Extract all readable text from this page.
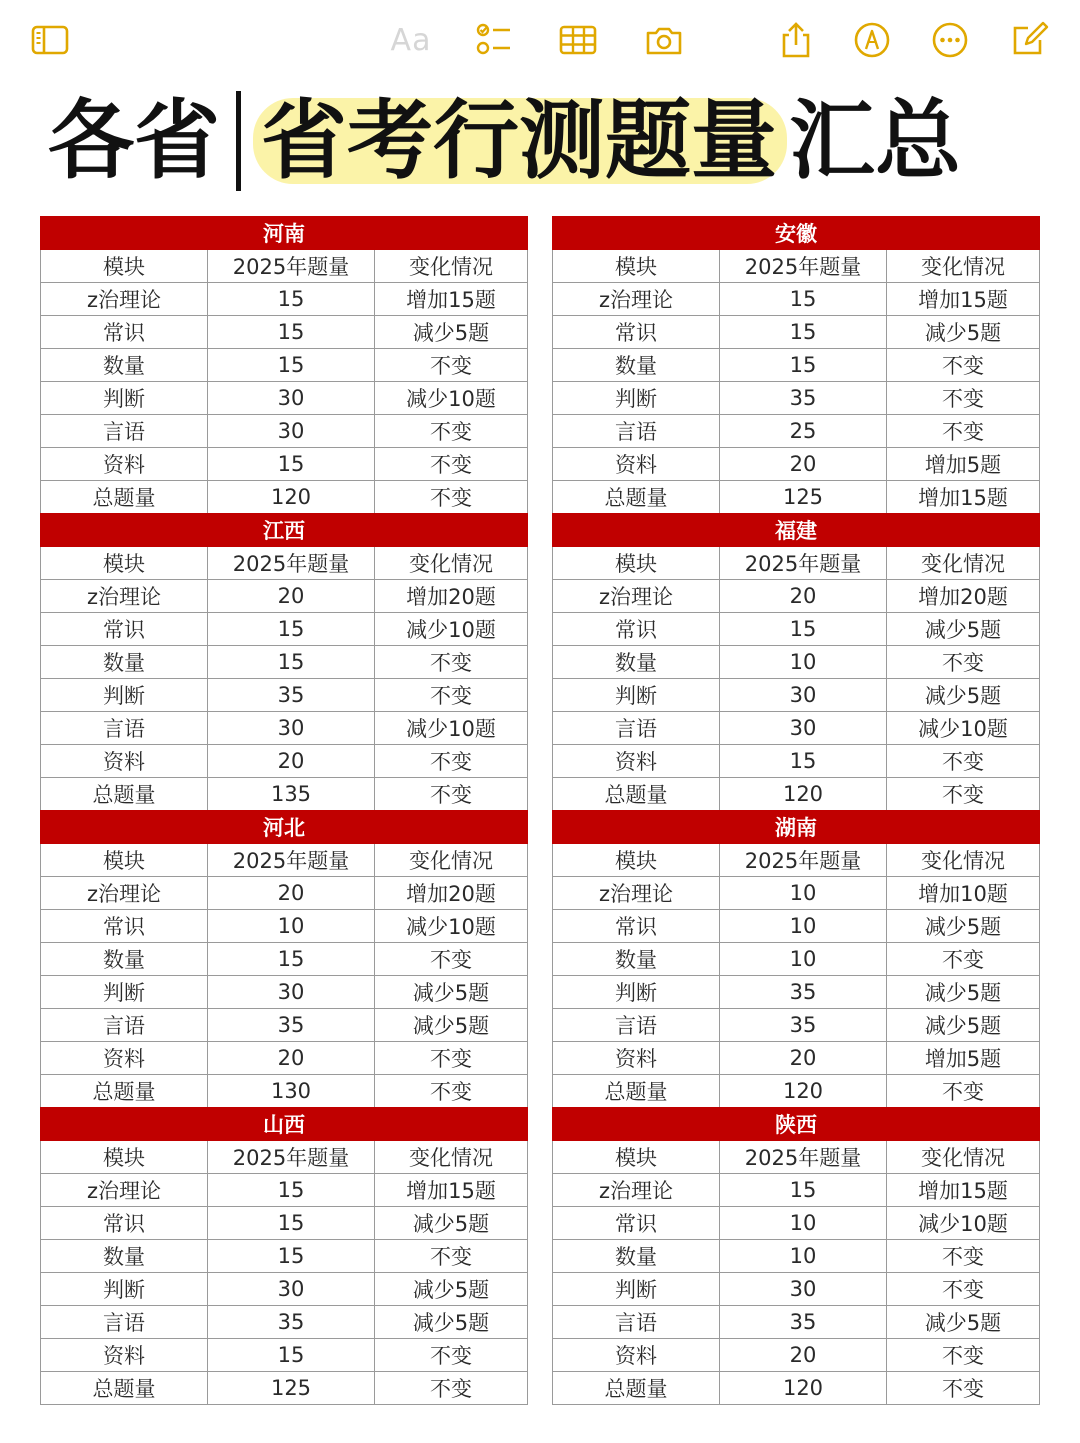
Aa
各省 省考行测题量 汇总
河南		
模块	2025年题量	变化情况
z治理论	15	增加15题
常识	15	减少5题
数量	15	不变
判断	30	减少10题
言语	30	不变
资料	15	不变
总题量	120	不变
安徽		
模块	2025年题量	变化情况
z治理论	15	增加15题
常识	15	减少5题
数量	15	不变
判断	35	不变
言语	25	不变
资料	20	增加5题
总题量	125	增加15题
江西		
模块	2025年题量	变化情况
z治理论	20	增加20题
常识	15	减少10题
数量	15	不变
判断	35	不变
言语	30	减少10题
资料	20	不变
总题量	135	不变
福建		
模块	2025年题量	变化情况
z治理论	20	增加20题
常识	15	减少5题
数量	10	不变
判断	30	减少5题
言语	30	减少10题
资料	15	不变
总题量	120	不变
河北		
模块	2025年题量	变化情况
z治理论	20	增加20题
常识	10	减少10题
数量	15	不变
判断	30	减少5题
言语	35	减少5题
资料	20	不变
总题量	130	不变
湖南		
模块	2025年题量	变化情况
z治理论	10	增加10题
常识	10	减少5题
数量	10	不变
判断	35	减少5题
言语	35	减少5题
资料	20	增加5题
总题量	120	不变
山西		
模块	2025年题量	变化情况
z治理论	15	增加15题
常识	15	减少5题
数量	15	不变
判断	30	减少5题
言语	35	减少5题
资料	15	不变
总题量	125	不变
陕西		
模块	2025年题量	变化情况
z治理论	15	增加15题
常识	10	减少10题
数量	10	不变
判断	30	不变
言语	35	减少5题
资料	20	不变
总题量	120	不变
